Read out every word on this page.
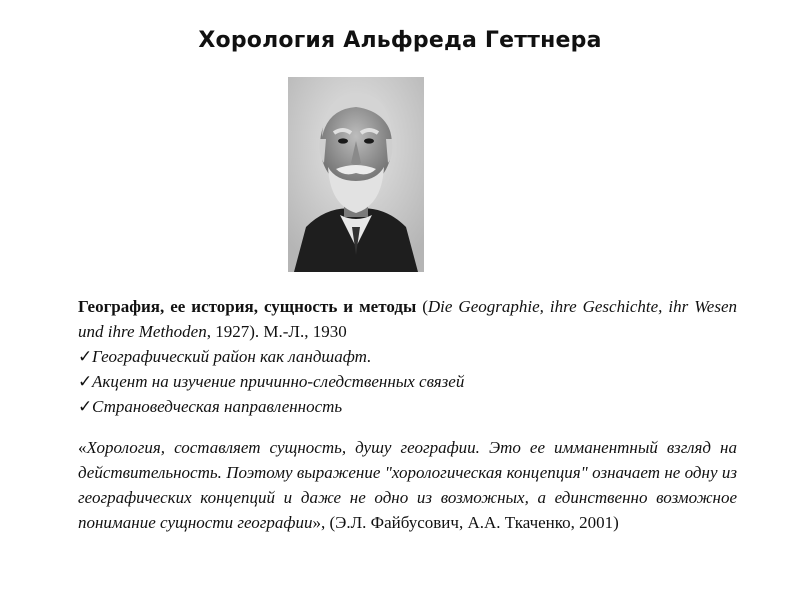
Хорология Альфреда Геттнера

География, ее история, сущность и методы (Die Geographie, ihre Geschichte, ihr Wesen und ihre Methoden, 1927). М.-Л., 1930

✓Географический район как ландшафт.
✓Акцент на изучение причинно-следственных связей
✓Страноведческая направленность

«Хорология, составляет сущность, душу географии. Это ее имманентный взгляд на действительность. Поэтому выражение "хорологическая концепция" означает не одну из географических концепций и даже не одно из возможных, а единственно возможное понимание сущности географии», (Э.Л. Файбусович, А.А. Ткаченко, 2001)
